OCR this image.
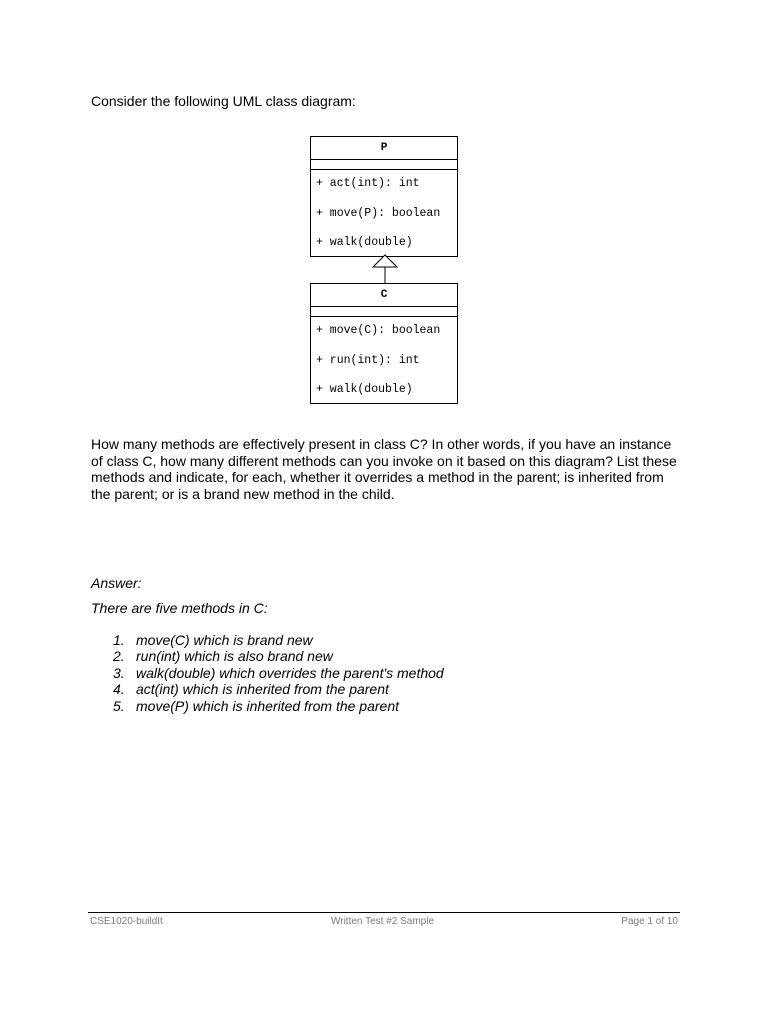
Consider the following UML class diagram:
P
+ act(int): int
+ move(P): boolean
+ walk(double)
C
+ move(C): boolean
+ run(int): int
+ walk(double)
How many methods are effectively present in class C? In other words, if you have an instance of class C, how many different methods can you invoke on it based on this diagram? List these methods and indicate, for each, whether it overrides a method in the parent; is inherited from the parent; or is a brand new method in the child.
Answer:
There are five methods in C:
1. move(C) which is brand new
2. run(int) which is also brand new
3. walk(double) which overrides the parent's method
4. act(int) which is inherited from the parent
5. move(P) which is inherited from the parent
CSE1020-buildIt	Written Test #2 Sample	Page 1 of 10
